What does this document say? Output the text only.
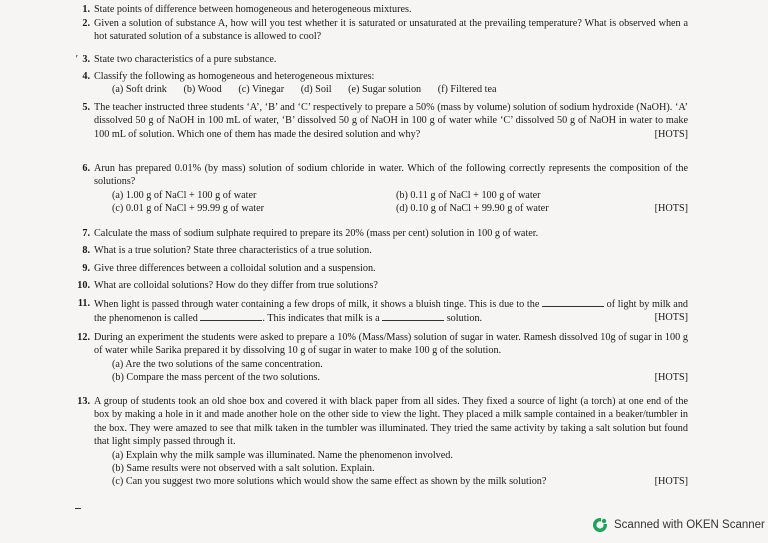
′
1. State points of difference between homogeneous and heterogeneous mixtures.
2. Given a solution of substance A, how will you test whether it is saturated or unsaturated at the prevailing temperature? What is observed when a hot saturated solution of a substance is allowed to cool?
3. State two characteristics of a pure substance.
4. Classify the following as homogeneous and heterogeneous mixtures:
(a) Soft drink (b) Wood (c) Vinegar (d) Soil (e) Sugar solution (f) Filtered tea
5. The teacher instructed three students ‘A’, ‘B’ and ‘C’ respectively to prepare a 50% (mass by volume) solution of sodium hydroxide (NaOH). ‘A’ dissolved 50 g of NaOH in 100 mL of water, ‘B’ dissolved 50 g of NaOH in 100 g of water while ‘C’ dissolved 50 g of NaOH in water to make 100 mL of solution. Which one of them has made the desired solution and why?	[HOTS]
6. Arun has prepared 0.01% (by mass) solution of sodium chloride in water. Which of the following correctly represents the composition of the solutions?
(a) 1.00 g of NaCl + 100 g of water	(b) 0.11 g of NaCl + 100 g of water
(c) 0.01 g of NaCl + 99.99 g of water	(d) 0.10 g of NaCl + 99.90 g of water	[HOTS]
7. Calculate the mass of sodium sulphate required to prepare its 20% (mass per cent) solution in 100 g of water.
8. What is a true solution? State three characteristics of a true solution.
9. Give three differences between a colloidal solution and a suspension.
10. What are colloidal solutions? How do they differ from true solutions?
11. When light is passed through water containing a few drops of milk, it shows a bluish tinge. This is due to the	of light by milk and the phenomenon is called	. This indicates that milk is a	solution.	[HOTS]
12. During an experiment the students were asked to prepare a 10% (Mass/Mass) solution of sugar in water. Ramesh dissolved 10g of sugar in 100 g of water while Sarika prepared it by dissolving 10 g of sugar in water to make 100 g of the solution.
(a) Are the two solutions of the same concentration.
(b) Compare the mass percent of the two solutions.	[HOTS]
13. A group of students took an old shoe box and covered it with black paper from all sides. They fixed a source of light (a torch) at one end of the box by making a hole in it and made another hole on the other side to view the light. They placed a milk sample contained in a beaker/tumbler in the box. They were amazed to see that milk taken in the tumbler was illuminated. They tried the same activity by taking a salt solution but found that light simply passed through it.
(a) Explain why the milk sample was illuminated. Name the phenomenon involved.
(b) Same results were not observed with a salt solution. Explain.
(c) Can you suggest two more solutions which would show the same effect as shown by the milk solution?	[HOTS]
Scanned with OKEN Scanner
